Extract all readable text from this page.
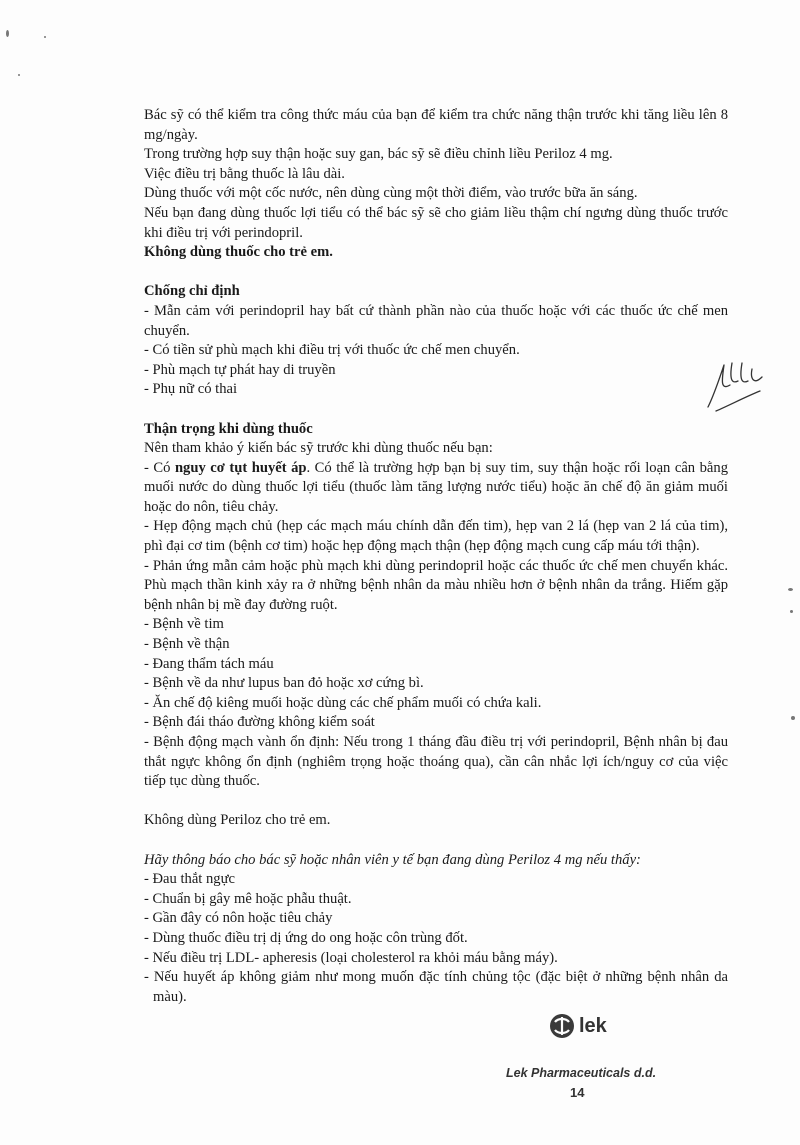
Bác sỹ có thể kiểm tra công thức máu của bạn để kiểm tra chức năng thận trước khi tăng liều lên 8 mg/ngày.

Trong trường hợp suy thận hoặc suy gan, bác sỹ sẽ điều chỉnh liều Periloz 4 mg.

Việc điều trị bằng thuốc là lâu dài.

Dùng thuốc với một cốc nước, nên dùng cùng một thời điểm, vào trước bữa ăn sáng.

Nếu bạn đang dùng thuốc lợi tiểu có thể bác sỹ sẽ cho giảm liều thậm chí ngưng dùng thuốc trước khi điều trị với perindopril.

Không dùng thuốc cho trẻ em.

Chống chỉ định

- Mẫn cảm với perindopril hay bất cứ thành phần nào của thuốc hoặc với các thuốc ức chế men chuyển.

- Có tiền sử phù mạch khi điều trị với thuốc ức chế men chuyển.

- Phù mạch tự phát hay di truyền

- Phụ nữ có thai

Thận trọng khi dùng thuốc

Nên tham khảo ý kiến bác sỹ trước khi dùng thuốc nếu bạn:

- Có nguy cơ tụt huyết áp. Có thể là trường hợp bạn bị suy tim, suy thận hoặc rối loạn cân bằng muối nước do dùng thuốc lợi tiểu (thuốc làm tăng lượng nước tiểu) hoặc ăn chế độ ăn giảm muối hoặc do nôn, tiêu chảy.

- Hẹp động mạch chủ (hẹp các mạch máu chính dẫn đến tim), hẹp van 2 lá (hẹp van 2 lá của tim), phì đại cơ tim (bệnh cơ tim) hoặc hẹp động mạch thận (hẹp động mạch cung cấp máu tới thận).

- Phản ứng mẫn cảm hoặc phù mạch khi dùng perindopril hoặc các thuốc ức chế men chuyển khác. Phù mạch thần kinh xảy ra ở những bệnh nhân da màu nhiều hơn ở bệnh nhân da trắng. Hiếm gặp bệnh nhân bị mề đay đường ruột.

- Bệnh về tim

- Bệnh về thận

- Đang thẩm tách máu

- Bệnh về da như lupus ban đỏ hoặc xơ cứng bì.

- Ăn chế độ kiêng muối hoặc dùng các chế phẩm muối có chứa kali.

- Bệnh đái tháo đường không kiểm soát

- Bệnh động mạch vành ổn định: Nếu trong 1 tháng đầu điều trị với perindopril, Bệnh nhân bị đau thắt ngực không ổn định (nghiêm trọng hoặc thoáng qua), cần cân nhắc lợi ích/nguy cơ của việc tiếp tục dùng thuốc.

Không dùng Periloz cho trẻ em.

Hãy thông báo cho bác sỹ hoặc nhân viên y tế bạn đang dùng Periloz 4 mg nếu thấy:

- Đau thắt ngực

- Chuẩn bị gây mê hoặc phẫu thuật.

- Gần đây có nôn hoặc tiêu chảy

- Dùng thuốc điều trị dị ứng do ong hoặc côn trùng đốt.

- Nếu điều trị LDL- apheresis (loại cholesterol ra khỏi máu bằng máy).

- Nếu huyết áp không giảm như mong muốn đặc tính chủng tộc (đặc biệt ở những bệnh nhân da màu).

lek
Lek Pharmaceuticals d.d.
14
